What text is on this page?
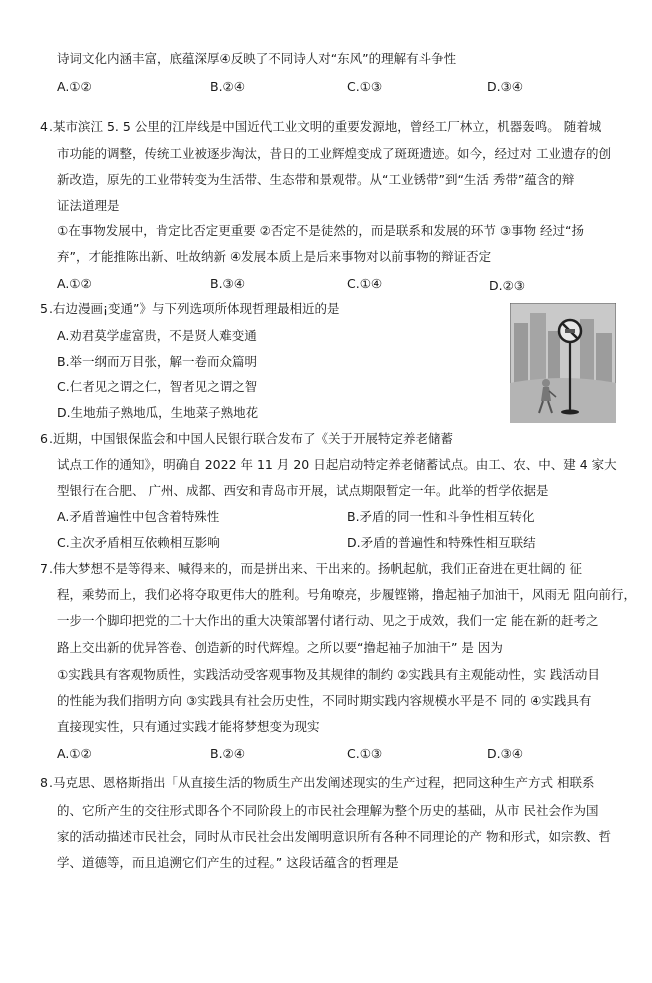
诗词文化内涵丰富，底蕴深厚④反映了不同诗人对“东风”的理解有斗争性
A.①②	B.②④	C.①③	D.③④
4 .某市滨江 5. 5 公里的江岸线是中国近代工业文明的重要发源地，曾经工厂林立，机器轰鸣。 随着城
市功能的调整，传统工业被逐步淘汰，昔日的工业辉煌变成了斑斑遗迹。如今，经过对 工业遗存的创
新改造，原先的工业带转变为生活带、生态带和景观带。从“工业锈带”到“生活 秀带”蕴含的辩
证法道理是
①在事物发展中，肯定比否定更重要 ②否定不是徒然的，而是联系和发展的环节 ③事物 经过“扬
弃”，才能推陈出新、吐故纳新 ④发展本质上是后来事物对以前事物的辩证否定
A.①②	B.③④	C.①④	D.②③
5 .右边漫画¡变通”》与下列选项所体现哲理最相近的是
A.劝君莫学虚富贵，不是贤人难变通
B.举一纲而万目张，解一卷而众篇明
C.仁者见之谓之仁，智者见之谓之智
D.生地茄子熟地瓜，生地菜子熟地花
6 .近期，中国银保监会和中国人民银行联合发布了《关于开展特定养老储蓄
试点工作的通知》，明确自 2022 年 11 月 20 日起启动特定养老储蓄试点。由工、农、中、建 4 家大
型银行在合肥、 广州、成都、西安和青岛市开展，试点期限暂定一年。此举的哲学依据是
A.矛盾普遍性中包含着特殊性	B.矛盾的同一性和斗争性相互转化
C.主次矛盾相互依赖相互影响	D.矛盾的普遍性和特殊性相互联结
7 .伟大梦想不是等得来、喊得来的，而是拼出来、干出来的。扬帆起航，我们正奋进在更壮阔的 征
程，乘势而上，我们必将夺取更伟大的胜利。号角嘹亮，步履铿锵，撸起袖子加油干，风雨无 阻向前行，
一步一个脚印把党的二十大作出的重大决策部署付诸行动、见之于成效，我们一定 能在新的赶考之
路上交出新的优异答卷、创造新的时代辉煌。之所以要“撸起袖子加油干” 是 因为
①实践具有客观物质性，实践活动受客观事物及其规律的制约 ②实践具有主观能动性，实 践活动目
的性能为我们指明方向 ③实践具有社会历史性，不同时期实践内容规模水平是不 同的 ④实践具有
直接现实性，只有通过实践才能将梦想变为现实
A.①②	B.②④	C.①③	D.③④
8 .马克思、恩格斯指出「从直接生活的物质生产出发阐述现实的生产过程，把同这种生产方式 相联系
的、它所产生的交往形式即各个不同阶段上的市民社会理解为整个历史的基础，从市 民社会作为国
家的活动描述市民社会，同时从市民社会出发阐明意识所有各种不同理论的产 物和形式，如宗教、哲
学、道德等，而且追溯它们产生的过程。” 这段话蕴含的哲理是
